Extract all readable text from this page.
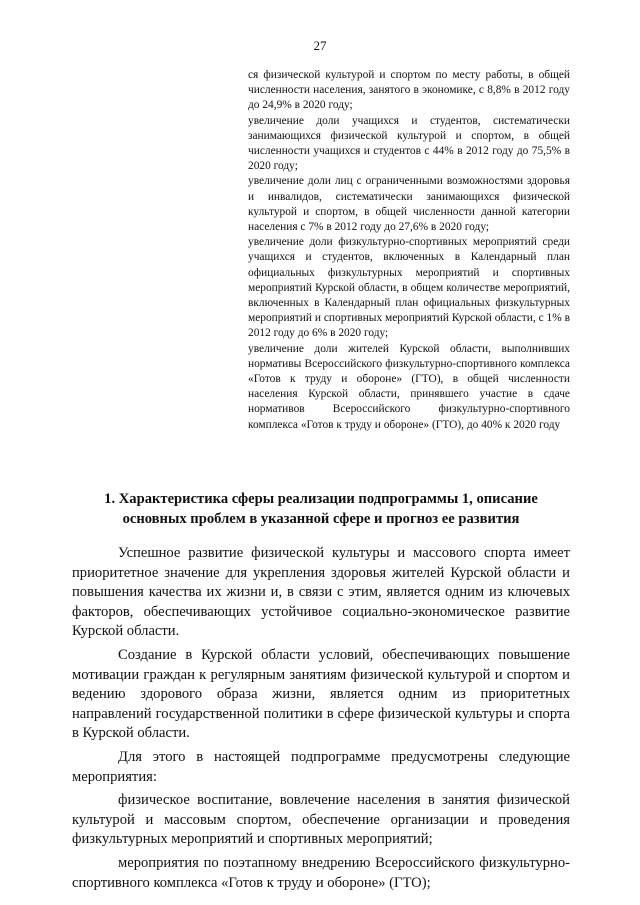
27

ся физической культурой и спортом по месту работы, в общей численности населения, занятого в экономике, с 8,8% в 2012 году до 24,9% в 2020 году;

увеличение доли учащихся и студентов, систематически занимающихся физической культурой и спортом, в общей численности учащихся и студентов с 44% в 2012 году до 75,5% в 2020 году;

увеличение доли лиц с ограниченными возможностями здоровья и инвалидов, систематически занимающихся физической культурой и спортом, в общей численности данной категории населения с 7% в 2012 году до 27,6% в 2020 году;

увеличение доли физкультурно-спортивных мероприятий среди учащихся и студентов, включенных в Календарный план официальных физкультурных мероприятий и спортивных мероприятий Курской области, в общем количестве мероприятий, включенных в Календарный план официальных физкультурных мероприятий и спортивных мероприятий Курской области, с 1% в 2012 году до 6% в 2020 году;

увеличение доли жителей Курской области, выполнивших нормативы Всероссийского физкультурно-спортивного комплекса «Готов к труду и обороне» (ГТО), в общей численности населения Курской области, принявшего участие в сдаче нормативов Всероссийского физкультурно-спортивного комплекса «Готов к труду и обороне» (ГТО), до 40% к 2020 году

1. Характеристика сферы реализации подпрограммы 1, описание основных проблем в указанной сфере и прогноз ее развития

Успешное развитие физической культуры и массового спорта имеет приоритетное значение для укрепления здоровья жителей Курской области и повышения качества их жизни и, в связи с этим, является одним из ключевых факторов, обеспечивающих устойчивое социально-экономическое развитие Курской области.

Создание в Курской области условий, обеспечивающих повышение мотивации граждан к регулярным занятиям физической культурой и спортом и ведению здорового образа жизни, является одним из приоритетных направлений государственной политики в сфере физической культуры и спорта в Курской области.

Для этого в настоящей подпрограмме предусмотрены следующие мероприятия:

физическое воспитание, вовлечение населения в занятия физической культурой и массовым спортом, обеспечение организации и проведения физкультурных мероприятий и спортивных мероприятий;

мероприятия по поэтапному внедрению Всероссийского физкультурно-спортивного комплекса «Готов к труду и обороне» (ГТО);
